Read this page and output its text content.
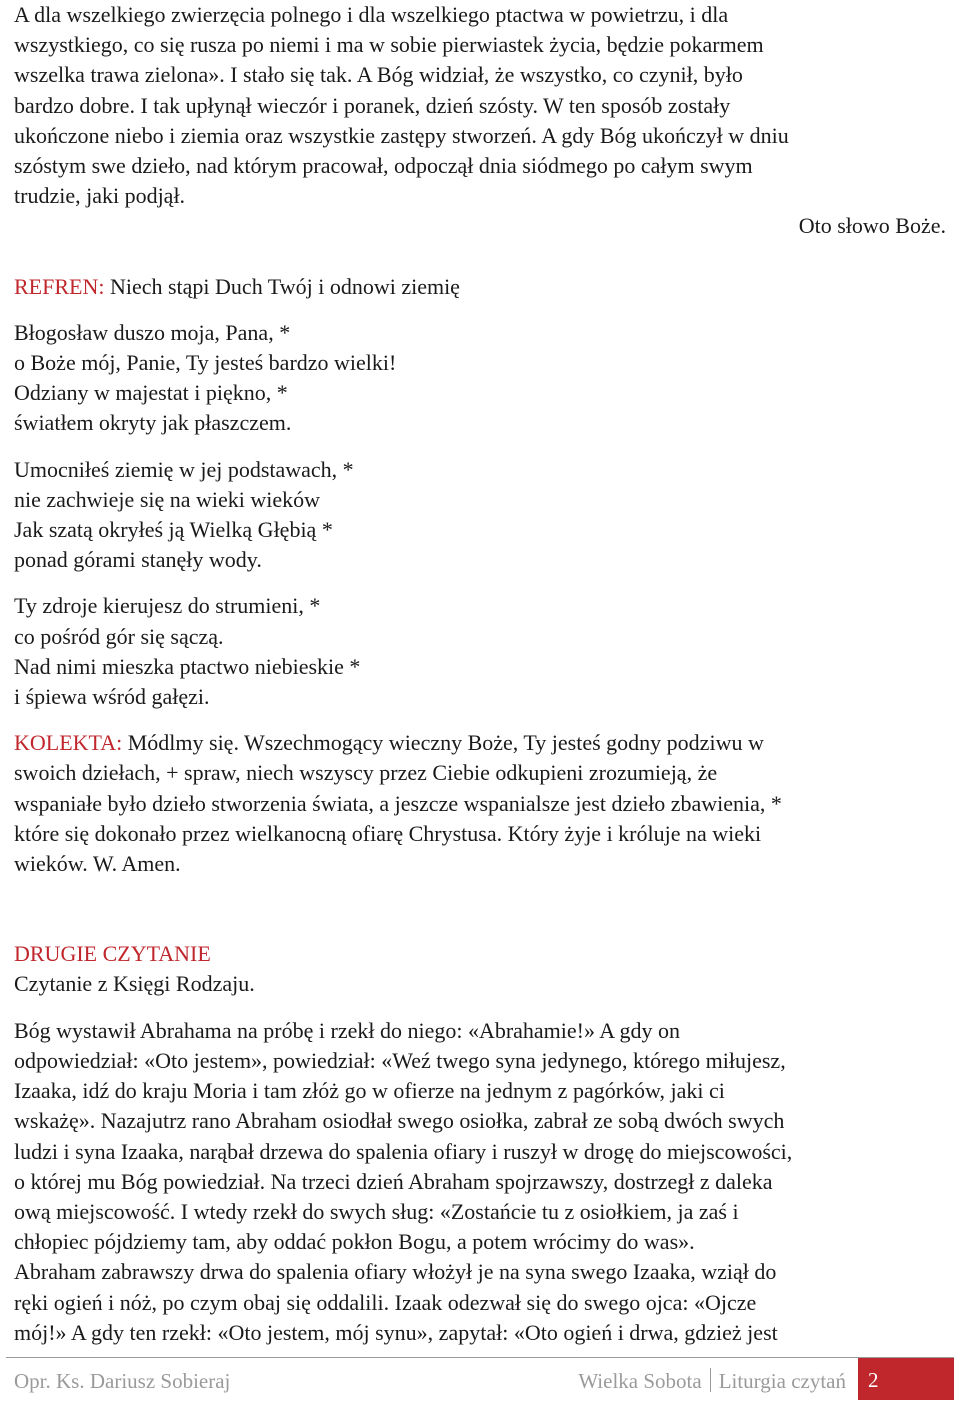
A dla wszelkiego zwierzęcia polnego i dla wszelkiego ptactwa w powietrzu, i dla

wszystkiego, co się rusza po niemi i ma w sobie pierwiastek życia, będzie pokarmem

wszelka trawa zielona». I stało się tak. A Bóg widział, że wszystko, co czynił, było

bardzo dobre. I tak upłynął wieczór i poranek, dzień szósty. W ten sposób zostały

ukończone niebo i ziemia oraz wszystkie zastępy stworzeń. A gdy Bóg ukończył w dniu

szóstym swe dzieło, nad którym pracował, odpoczął dnia siódmego po całym swym

trudzie, jaki podjął.

Oto słowo Boże.

REFREN: Niech stąpi Duch Twój i odnowi ziemię

Błogosław duszo moja, Pana, *

o Boże mój, Panie, Ty jesteś bardzo wielki!

Odziany w majestat i piękno, *

światłem okryty jak płaszczem.

Umocniłeś ziemię w jej podstawach, *

nie zachwieje się na wieki wieków

Jak szatą okryłeś ją Wielką Głębią *

ponad górami stanęły wody.

Ty zdroje kierujesz do strumieni, *

co pośród gór się sączą.

Nad nimi mieszka ptactwo niebieskie *

i śpiewa wśród gałęzi.

KOLEKTA: Módlmy się. Wszechmogący wieczny Boże, Ty jesteś godny podziwu w

swoich dziełach, + spraw, niech wszyscy przez Ciebie odkupieni zrozumieją, że

wspaniałe było dzieło stworzenia świata, a jeszcze wspanialsze jest dzieło zbawienia, *

które się dokonało przez wielkanocną ofiarę Chrystusa. Który żyje i króluje na wieki

wieków. W. Amen.

DRUGIE CZYTANIE

Czytanie z Księgi Rodzaju.

Bóg wystawił Abrahama na próbę i rzekł do niego: «Abrahamie!» A gdy on

odpowiedział: «Oto jestem», powiedział: «Weź twego syna jedynego, którego miłujesz,

Izaaka, idź do kraju Moria i tam złóż go w ofierze na jednym z pagórków, jaki ci

wskażę». Nazajutrz rano Abraham osiodłał swego osiołka, zabrał ze sobą dwóch swych

ludzi i syna Izaaka, narąbał drzewa do spalenia ofiary i ruszył w drogę do miejscowości,

o której mu Bóg powiedział. Na trzeci dzień Abraham spojrzawszy, dostrzegł z daleka

ową miejscowość. I wtedy rzekł do swych sług: «Zostańcie tu z osiołkiem, ja zaś i

chłopiec pójdziemy tam, aby oddać pokłon Bogu, a potem wrócimy do was».

Abraham zabrawszy drwa do spalenia ofiary włożył je na syna swego Izaaka, wziął do

ręki ogień i nóż, po czym obaj się oddalili. Izaak odezwał się do swego ojca: «Ojcze

mój!» A gdy ten rzekł: «Oto jestem, mój synu», zapytał: «Oto ogień i drwa, gdzież jest

Opr. Ks. Dariusz Sobieraj	Wielka Sobota Liturgia czytań 2
